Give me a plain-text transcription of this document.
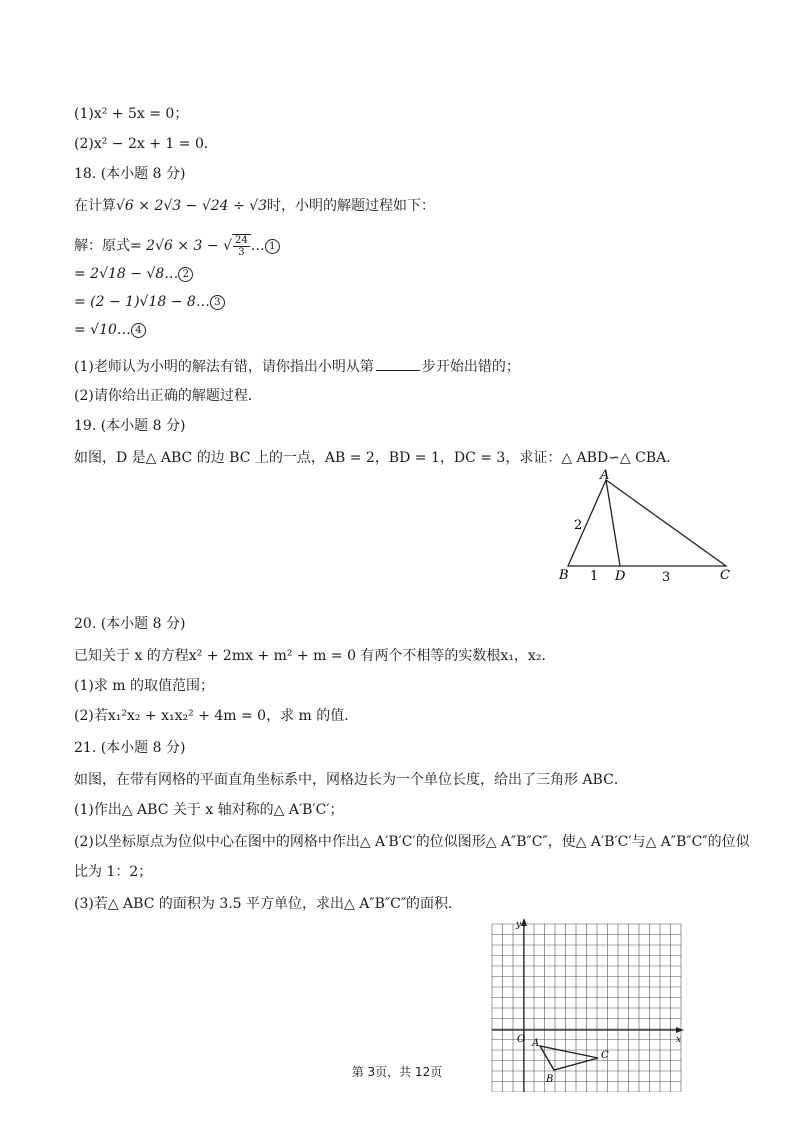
(1)x² + 5x = 0；
(2)x² − 2x + 1 = 0．
18. (本小题 8 分)
在计算√6 × 2√3 − √24 ÷ √3时，小明的解题过程如下：
解：原式= 2√6 × 3 − √ $\frac{24}{3}$ … 1
= 2√18 − √8… 2
= (2 − 1)√18 − 8… 3
= √10… 4
(1)老师认为小明的解法有错，请你指出小明从第	步开始出错的；
(2)请你给出正确的解题过程．
19. (本小题 8 分)
如图，D 是△ ABC 的边 BC 上的一点，AB = 2，BD = 1，DC = 3，求证：△ ABD∽△ CBA．
A
B	D	C
2
1	3
20. (本小题 8 分)
已知关于 x 的方程x² + 2mx + m² + m = 0 有两个不相等的实数根x₁，x₂．
(1)求 m 的取值范围；
(2)若x₁²x₂ + x₁x₂² + 4m = 0，求 m 的值．
21. (本小题 8 分)
如图，在带有网格的平面直角坐标系中，网格边长为一个单位长度，给出了三角形 ABC．
(1)作出△ ABC 关于 x 轴对称的△ A′B′C′；
(2)以坐标原点为位似中心在图中的网格中作出△ A′B′C′的位似图形△ A″B″C″，使△ A′B′C′与△ A″B″C″的位似
比为 1：2；
(3)若△ ABC 的面积为 3.5 平方单位，求出△ A″B″C″的面积．
x
y
O A
B
C
第 3页，共 12页
